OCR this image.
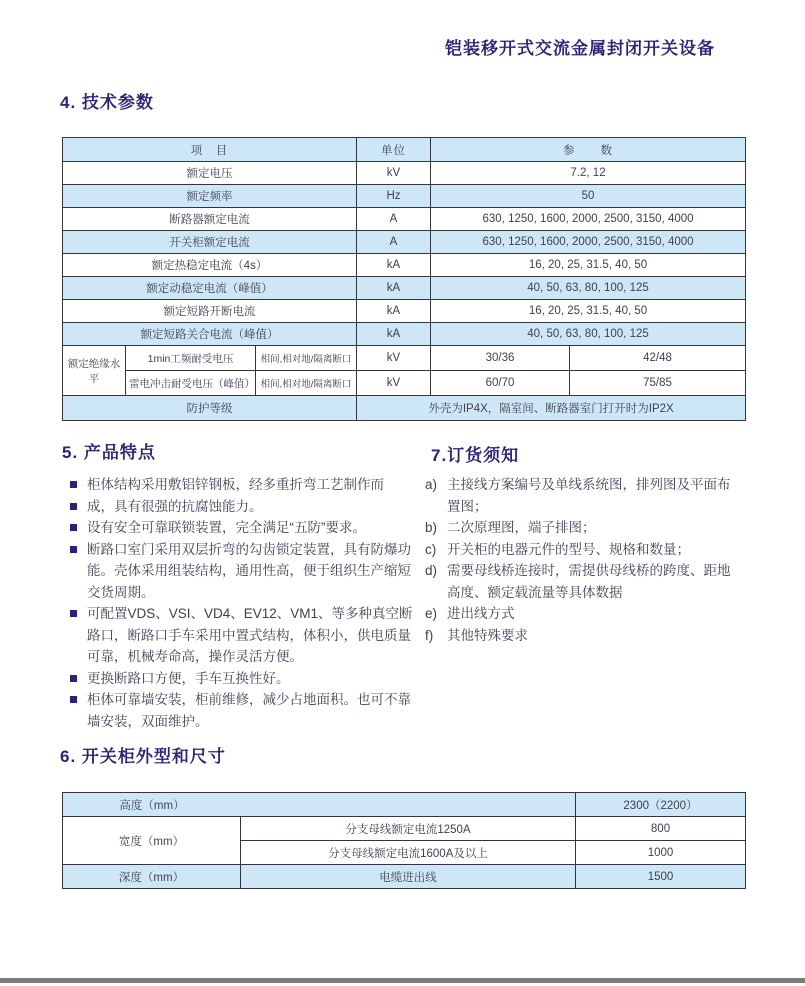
铠装移开式交流金属封闭开关设备
4. 技术参数
项　目			单位	参　　数	
额定电压			kV	7.2, 12	
额定频率			Hz	50	
断路器额定电流			A	630, 1250, 1600, 2000, 2500, 3150, 4000	
开关柜额定电流			A	630, 1250, 1600, 2000, 2500, 3150, 4000	
额定热稳定电流（4s）			kA	16, 20, 25, 31.5, 40, 50	
额定动稳定电流（峰值）			kA	40, 50, 63, 80, 100, 125	
额定短路开断电流			kA	16, 20, 25, 31.5, 40, 50	
额定短路关合电流（峰值）			kA	40, 50, 63, 80, 100, 125	
额定绝缘水平	1min工频耐受电压	相间,相对地/隔离断口	kV	30/36	42/48
	雷电冲击耐受电压（峰值）	相间,相对地/隔离断口	kV	60/70	75/85
防护等级			外壳为IP4X，隔室间、断路器室门打开时为IP2X		
5. 产品特点	7.订货须知
柜体结构采用敷铝锌钢板，经多重折弯工艺制作而
成，具有很强的抗腐蚀能力。
设有安全可靠联锁装置，完全满足“五防”要求。
断路口室门采用双层折弯的勾齿锁定装置，具有防爆功能。壳体采用组装结构，通用性高，便于组织生产缩短交货周期。
可配置VDS、VSI、VD4、EV12、VM1、等多种真空断路口，断路口手车采用中置式结构，体积小，供电质量可靠，机械寿命高，操作灵活方便。
更换断路口方便，手车互换性好。
柜体可靠墙安装，柜前维修，减少占地面积。也可不靠墙安装，双面维护。
a) 主接线方案编号及单线系统图，排列图及平面布置图；
b) 二次原理图，端子排图；
c) 开关柜的电器元件的型号、规格和数量；
d) 需要母线桥连接时，需提供母线桥的跨度、距地高度、额定载流量等具体数据
e) 进出线方式
f)	其他特殊要求
6. 开关柜外型和尺寸
高度（mm）		2300（2200）
宽度（mm）	分支母线额定电流1250A	800
	分支母线额定电流1600A及以上	1000
深度（mm）	电缆进出线	1500
